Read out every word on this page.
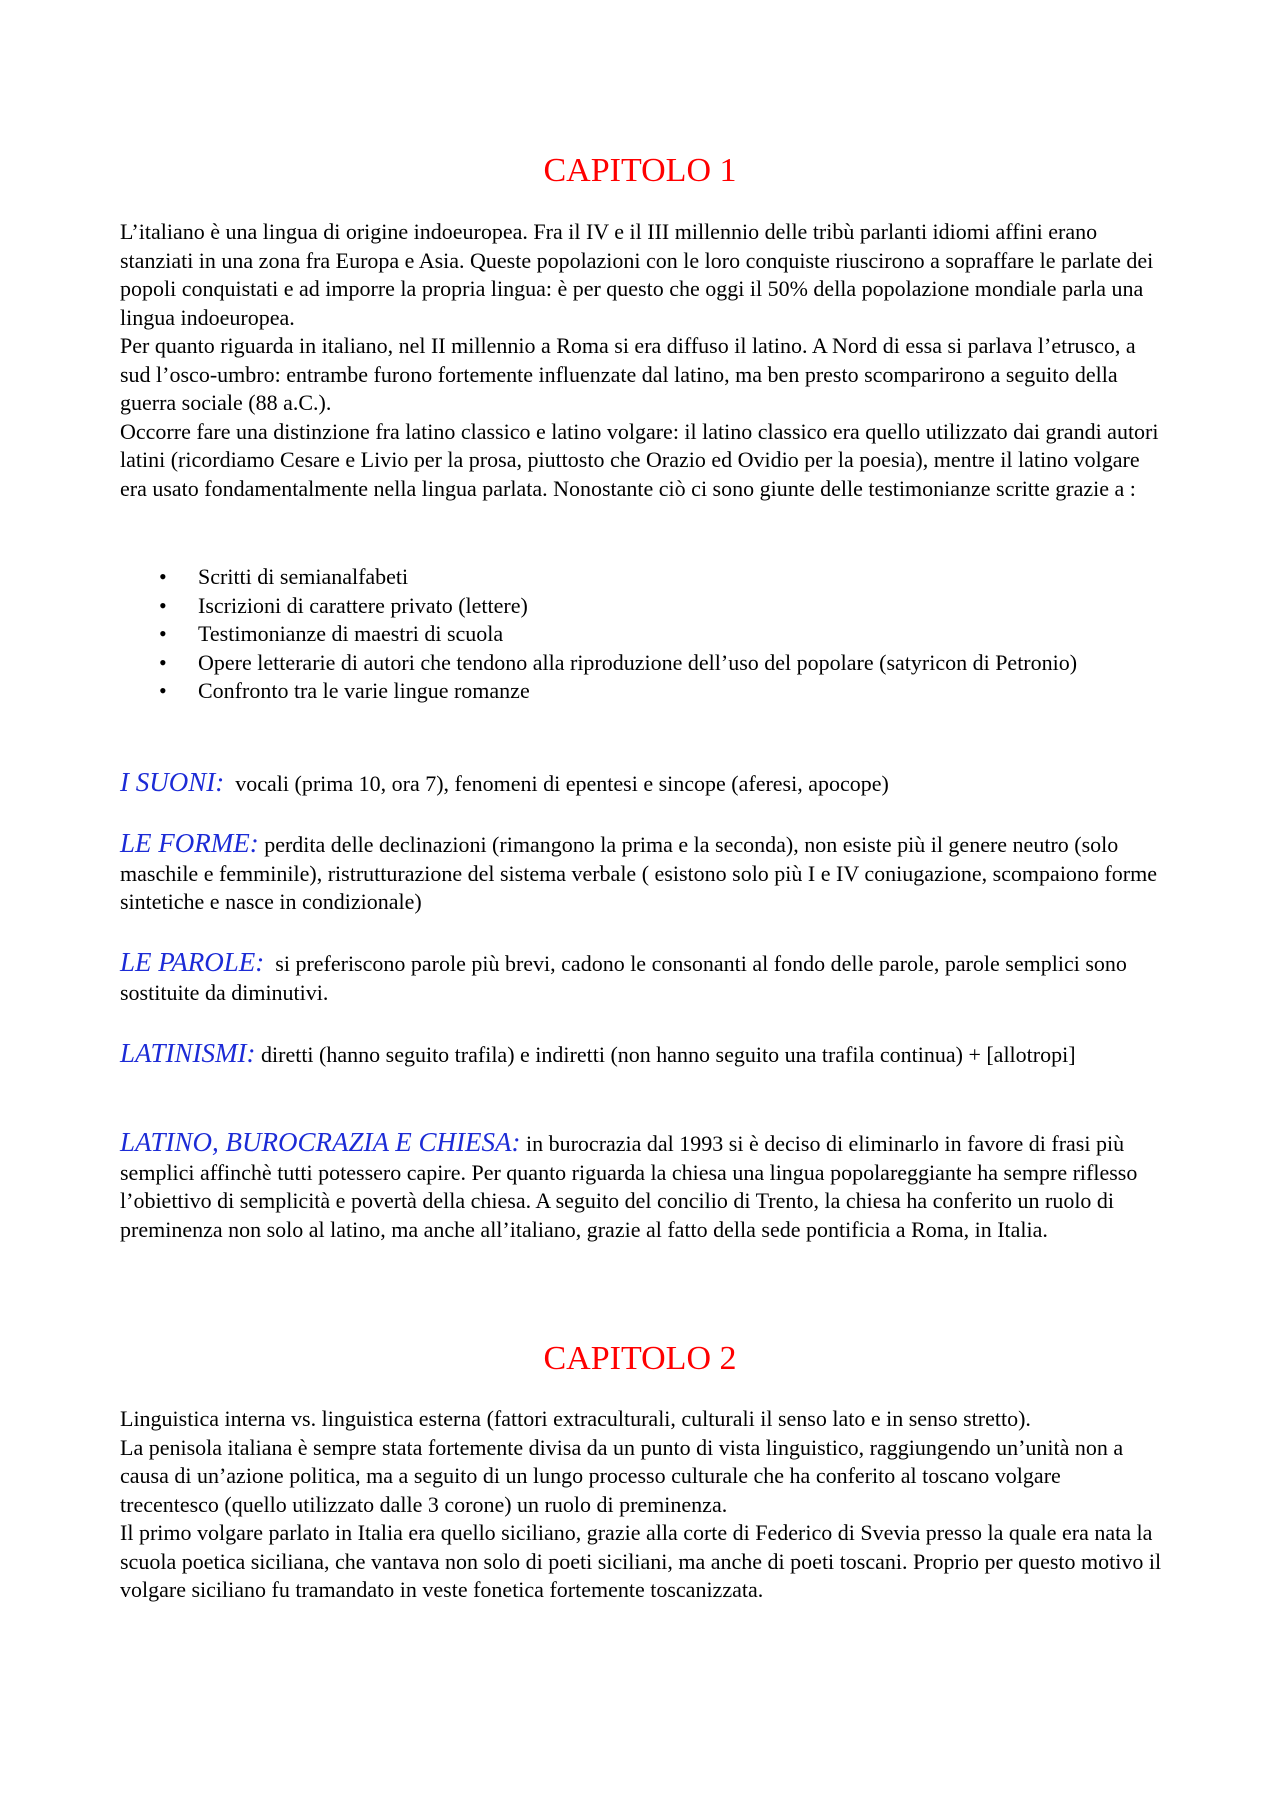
CAPITOLO 1

L’italiano è una lingua di origine indoeuropea. Fra il IV e il III millennio delle tribù parlanti idiomi affini erano stanziati in una zona fra Europa e Asia. Queste popolazioni con le loro conquiste riuscirono a sopraffare le parlate dei popoli conquistati e ad imporre la propria lingua: è per questo che oggi il 50% della popolazione mondiale parla una lingua indoeuropea.

Per quanto riguarda in italiano, nel II millennio a Roma si era diffuso il latino. A Nord di essa si parlava l’etrusco, a sud l’osco-umbro: entrambe furono fortemente influenzate dal latino, ma ben presto scomparirono a seguito della guerra sociale (88 a.C.).

Occorre fare una distinzione fra latino classico e latino volgare: il latino classico era quello utilizzato dai grandi autori latini (ricordiamo Cesare e Livio per la prosa, piuttosto che Orazio ed Ovidio per la poesia), mentre il latino volgare era usato fondamentalmente nella lingua parlata. Nonostante ciò ci sono giunte delle testimonianze scritte grazie a :

• Scritti di semianalfabeti
• Iscrizioni di carattere privato (lettere)
• Testimonianze di maestri di scuola
• Opere letterarie di autori che tendono alla riproduzione dell’uso del popolare (satyricon di Petronio)
• Confronto tra le varie lingue romanze

I SUONI: vocali (prima 10, ora 7), fenomeni di epentesi e sincope (aferesi, apocope)

LE FORME: perdita delle declinazioni (rimangono la prima e la seconda), non esiste più il genere neutro (solo maschile e femminile), ristrutturazione del sistema verbale ( esistono solo più I e IV coniugazione, scompaiono forme sintetiche e nasce in condizionale)

LE PAROLE: si preferiscono parole più brevi, cadono le consonanti al fondo delle parole, parole semplici sono sostituite da diminutivi.

LATINISMI: diretti (hanno seguito trafila) e indiretti (non hanno seguito una trafila continua) + [allotropi]

LATINO, BUROCRAZIA E CHIESA: in burocrazia dal 1993 si è deciso di eliminarlo in favore di frasi più semplici affinchè tutti potessero capire. Per quanto riguarda la chiesa una lingua popolareggiante ha sempre riflesso l’obiettivo di semplicità e povertà della chiesa. A seguito del concilio di Trento, la chiesa ha conferito un ruolo di preminenza non solo al latino, ma anche all’italiano, grazie al fatto della sede pontificia a Roma, in Italia.

CAPITOLO 2

Linguistica interna vs. linguistica esterna (fattori extraculturali, culturali il senso lato e in senso stretto).

La penisola italiana è sempre stata fortemente divisa da un punto di vista linguistico, raggiungendo un’unità non a causa di un’azione politica, ma a seguito di un lungo processo culturale che ha conferito al toscano volgare trecentesco (quello utilizzato dalle 3 corone) un ruolo di preminenza.

Il primo volgare parlato in Italia era quello siciliano, grazie alla corte di Federico di Svevia presso la quale era nata la scuola poetica siciliana, che vantava non solo di poeti siciliani, ma anche di poeti toscani. Proprio per questo motivo il volgare siciliano fu tramandato in veste fonetica fortemente toscanizzata.
